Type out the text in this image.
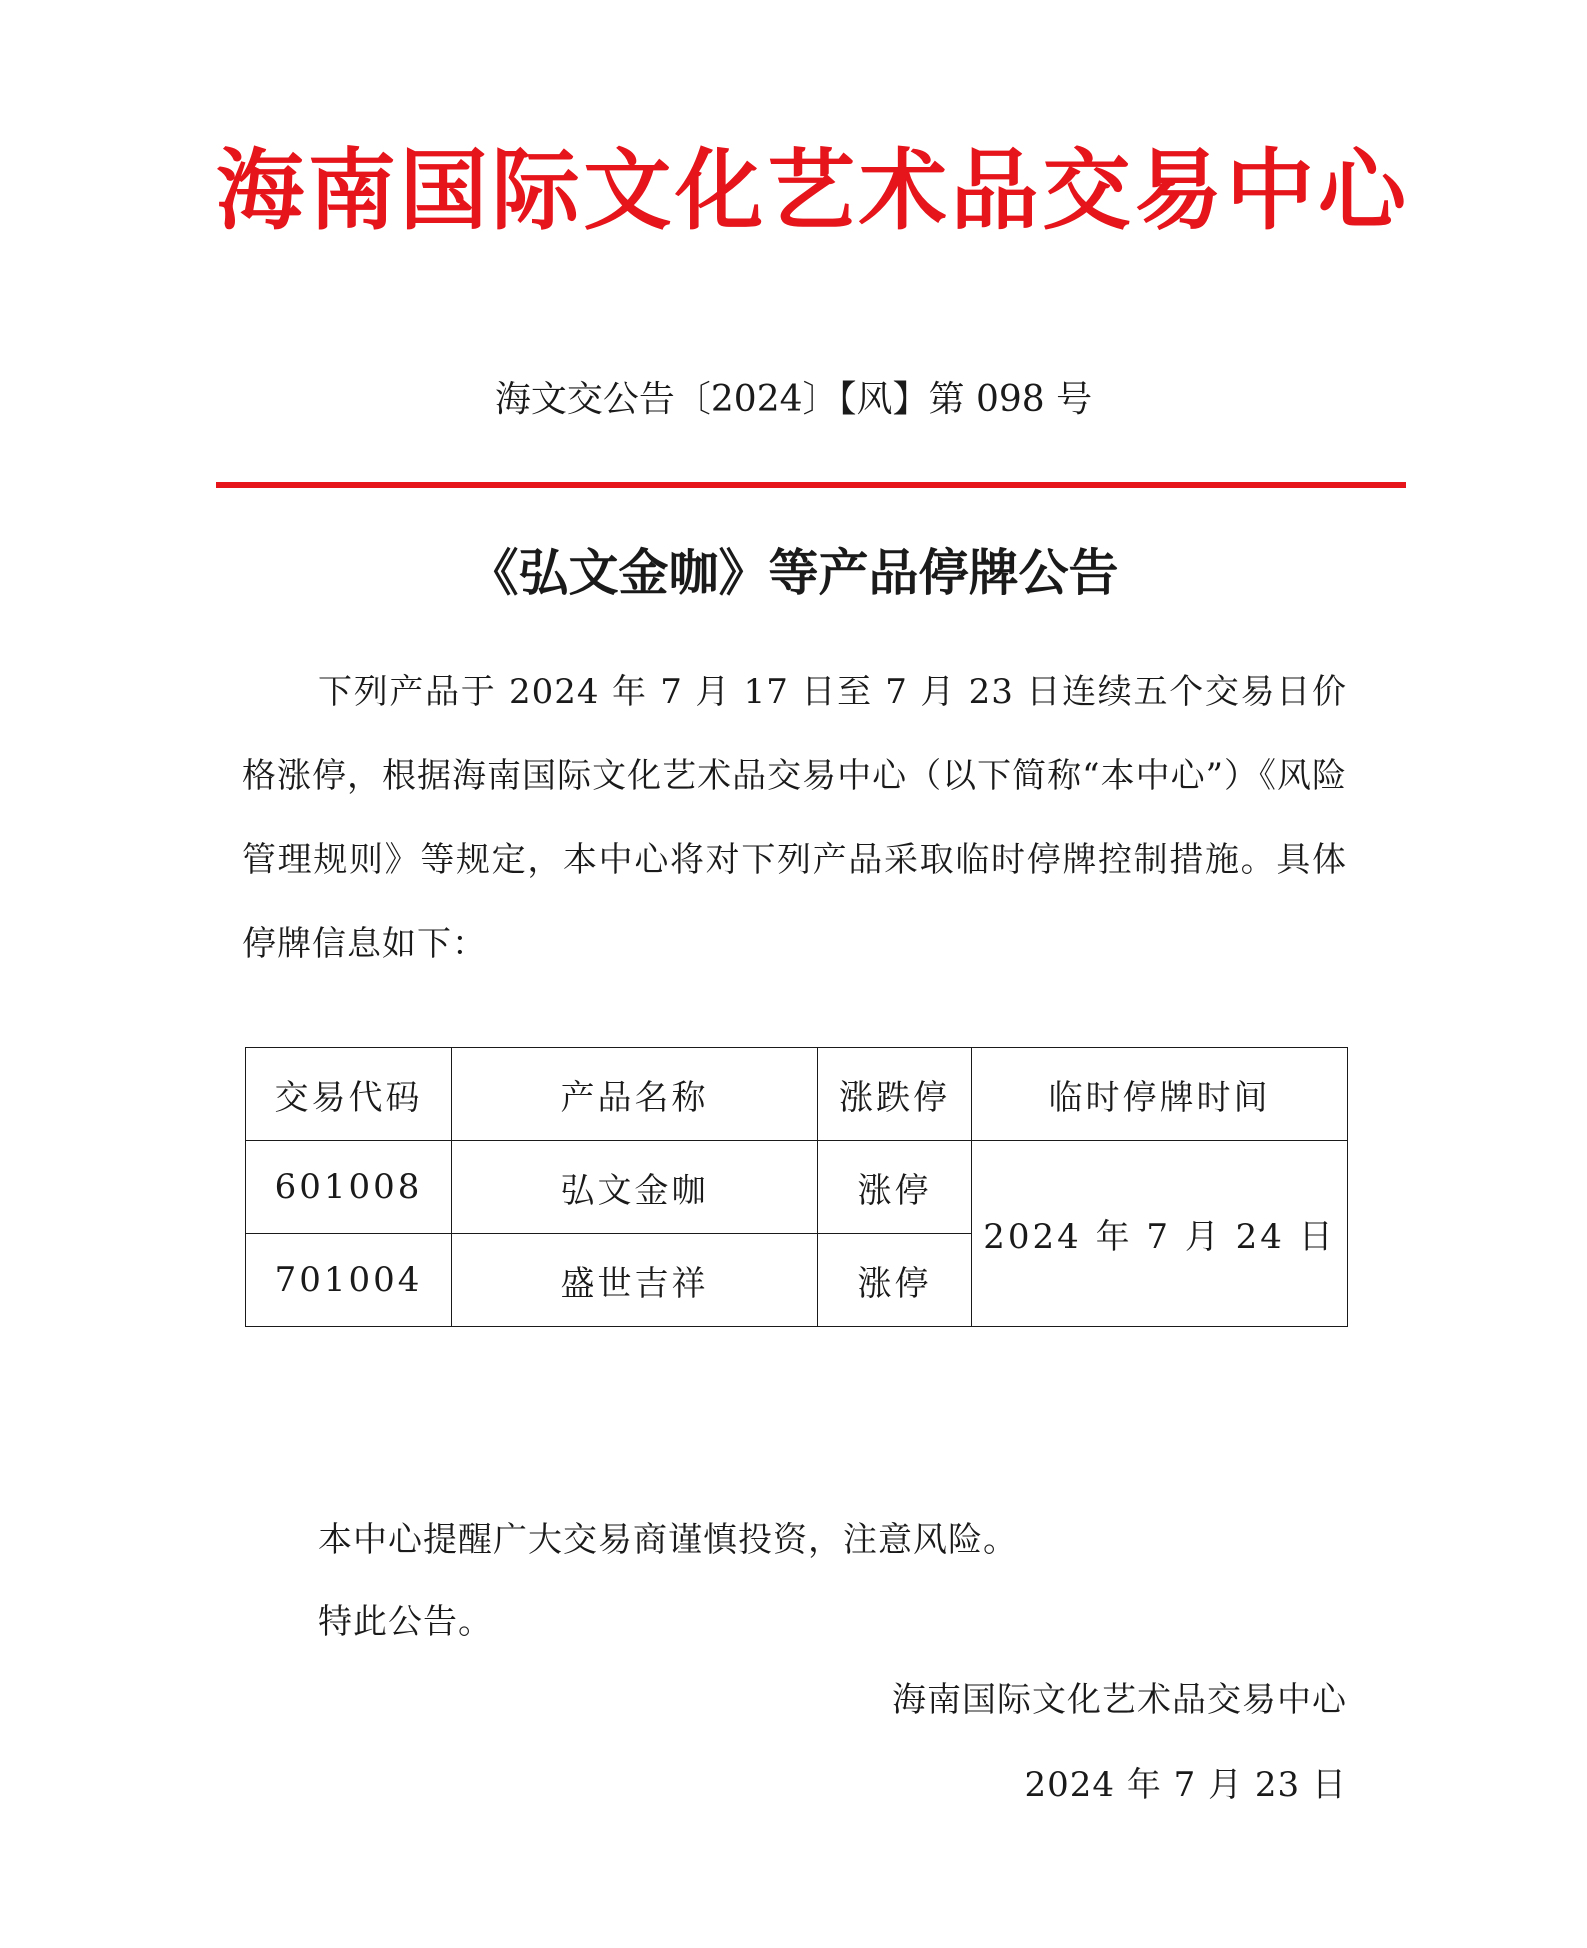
海 南 国 际 文 化 艺 术 品 交 易 中 心
海文交公告〔2024〕【风】第 098 号
《弘文金咖》等产品停牌公告
下列产品于 2024 年 7 月 17 日至 7 月 23 日连续五个交易日价格涨停，根据海南国际文化艺术品交易中心（以下简称“本中心”）《风险管理规则》等规定，本中心将对下列产品采取临时停牌控制措施。具体停牌信息如下：
交易代码	产品名称	涨跌停	临时停牌时间
601008	弘文金咖	涨停	2024 年 7 月 24 日
701004	盛世吉祥	涨停	
本中心提醒广大交易商谨慎投资，注意风险。
特此公告。
海南国际文化艺术品交易中心
2024 年 7 月 23 日
